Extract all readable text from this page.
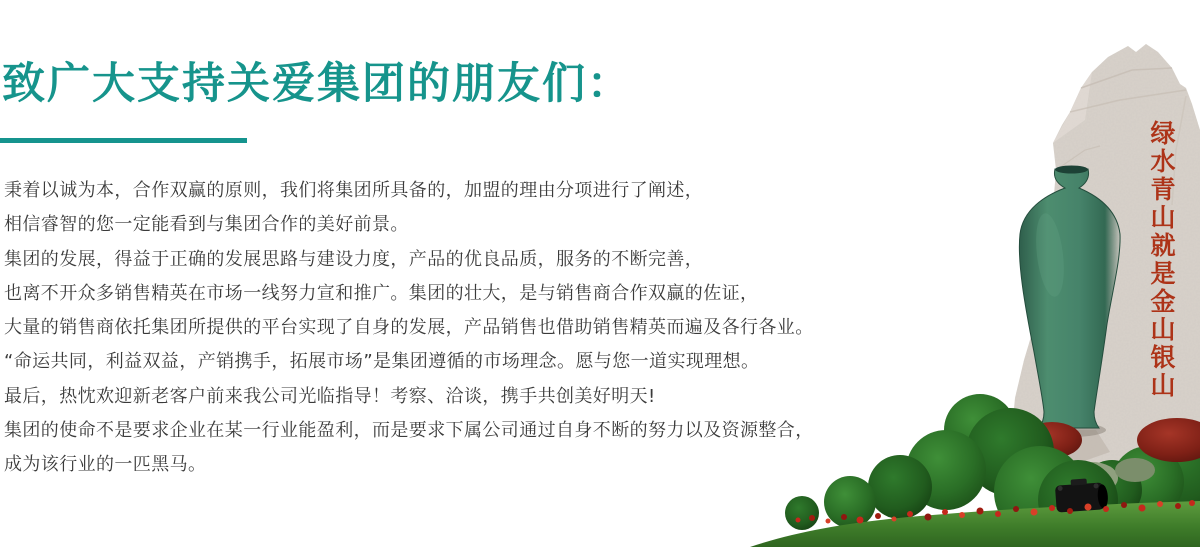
致广大支持关爱集团的朋友们：

秉着以诚为本，合作双赢的原则，我们将集团所具备的，加盟的理由分项进行了阐述，

相信睿智的您一定能看到与集团合作的美好前景。

集团的发展，得益于正确的发展思路与建设力度，产品的优良品质，服务的不断完善，

也离不开众多销售精英在市场一线努力宣和推广。集团的壮大，是与销售商合作双赢的佐证，

大量的销售商依托集团所提供的平台实现了自身的发展，产品销售也借助销售精英而遍及各行各业。

“命运共同，利益双益，产销携手，拓展市场”是集团遵循的市场理念。愿与您一道实现理想。

最后，热忱欢迎新老客户前来我公司光临指导！考察、洽谈，携手共创美好明天!

集团的使命不是要求企业在某一行业能盈利，而是要求下属公司通过自身不断的努力以及资源整合，

成为该行业的一匹黑马。

绿
水
青
山
就
是
金
山
银
山
